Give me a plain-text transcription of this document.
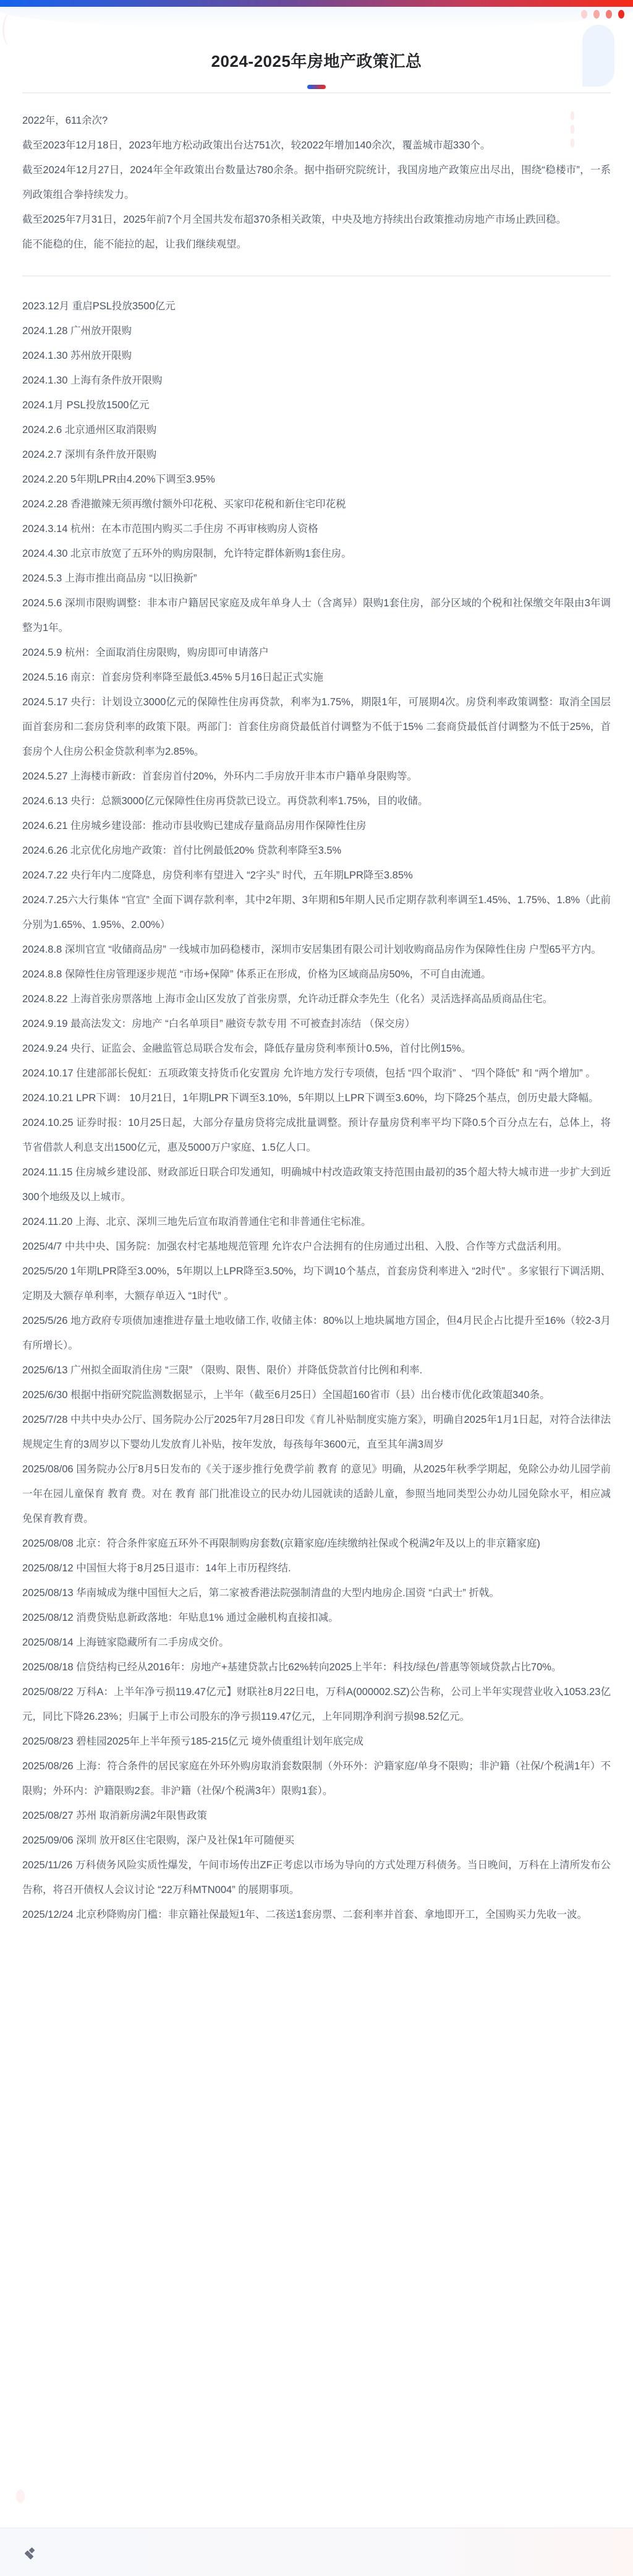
2024-2025年房地产政策汇总

2022年，611余次?

截至2023年12月18日，2023年地方松动政策出台达751次，较2022年增加140余次，覆盖城市超330个。

截至2024年12月27日，2024年全年政策出台数量达780余条。据中指研究院统计，我国房地产政策应出尽出，围绕“稳楼市”，一系列政策组合拳持续发力。

截至2025年7月31日，2025年前7个月全国共发布超370条相关政策，中央及地方持续出台政策推动房地产市场止跌回稳。

能不能稳的住，能不能拉的起，让我们继续观望。

2023.12月 重启PSL投放3500亿元

2024.1.28 广州放开限购

2024.1.30 苏州放开限购

2024.1.30 上海有条件放开限购

2024.1月 PSL投放1500亿元

2024.2.6 北京通州区取消限购

2024.2.7 深圳有条件放开限购

2024.2.20 5年期LPR由4.20%下调至3.95%

2024.2.28 香港撤辣无须再缴付额外印花税、买家印花税和新住宅印花税

2024.3.14 杭州：在本市范围内购买二手住房 不再审核购房人资格

2024.4.30 北京市放宽了五环外的购房限制，允许特定群体新购1套住房。

2024.5.3 上海市推出商品房 “以旧换新”

2024.5.6 深圳市限购调整：非本市户籍居民家庭及成年单身人士（含离异）限购1套住房，部分区域的个税和社保缴交年限由3年调整为1年。

2024.5.9 杭州：全面取消住房限购，购房即可申请落户

2024.5.16 南京：首套房贷利率降至最低3.45% 5月16日起正式实施

2024.5.17 央行：计划设立3000亿元的保障性住房再贷款，利率为1.75%，期限1年，可展期4次。房贷利率政策调整：取消全国层面首套房和二套房贷利率的政策下限。两部门：首套住房商贷最低首付调整为不低于15% 二套商贷最低首付调整为不低于25%，首套房个人住房公积金贷款利率为2.85%。

2024.5.27 上海楼市新政：首套房首付20%，外环内二手房放开非本市户籍单身限购等。

2024.6.13 央行：总额3000亿元保障性住房再贷款已设立。再贷款利率1.75%，目的收储。

2024.6.21 住房城乡建设部：推动市县收购已建成存量商品房用作保障性住房

2024.6.26 北京优化房地产政策：首付比例最低20% 贷款利率降至3.5%

2024.7.22 央行年内二度降息，房贷利率有望进入 “2字头” 时代，五年期LPR降至3.85%

2024.7.25六大行集体 “官宣” 全面下调存款利率，其中2年期、3年期和5年期人民币定期存款利率调至1.45%、1.75%、1.8%（此前分别为1.65%、1.95%、2.00%）

2024.8.8 深圳官宣 “收储商品房” 一线城市加码稳楼市，深圳市安居集团有限公司计划收购商品房作为保障性住房 户型65平方内。

2024.8.8 保障性住房管理逐步规范 “市场+保障” 体系正在形成，价格为区域商品房50%，不可自由流通。

2024.8.22 上海首张房票落地 上海市金山区发放了首张房票，允许动迁群众李先生（化名）灵活选择高品质商品住宅。

2024.9.19 最高法发文：房地产 “白名单项目” 融资专款专用 不可被查封冻结 （保交房）

2024.9.24 央行、证监会、金融监管总局联合发布会，降低存量房贷利率预计0.5%，首付比例15%。

2024.10.17 住建部部长倪虹：五项政策支持货币化安置房 允许地方发行专项债，包括 “四个取消” 、 “四个降低” 和 “两个增加” 。

2024.10.21 LPR下调： 10月21日，1年期LPR下调至3.10%，5年期以上LPR下调至3.60%，均下降25个基点，创历史最大降幅。

2024.10.25 证券时报：10月25日起，大部分存量房贷将完成批量调整。预计存量房贷利率平均下降0.5个百分点左右，总体上，将节省借款人利息支出1500亿元，惠及5000万户家庭、1.5亿人口。

2024.11.15 住房城乡建设部、财政部近日联合印发通知，明确城中村改造政策支持范围由最初的35个超大特大城市进一步扩大到近300个地级及以上城市。

2024.11.20 上海、北京、深圳三地先后宣布取消普通住宅和非普通住宅标准。

2025/4/7 中共中央、国务院：加强农村宅基地规范管理 允许农户合法拥有的住房通过出租、入股、合作等方式盘活利用。

2025/5/20 1年期LPR降至3.00%，5年期以上LPR降至3.50%，均下调10个基点，首套房贷利率进入 “2时代” 。多家银行下调活期、定期及大额存单利率，大额存单迈入 “1时代” 。

2025/5/26 地方政府专项债加速推进存量土地收储工作, 收储主体：80%以上地块属地方国企，但4月民企占比提升至16%（较2-3月有所增长）。

2025/6/13 广州拟全面取消住房 “三限” （限购、限售、限价）并降低贷款首付比例和利率.

2025/6/30 根据中指研究院监测数据显示，上半年（截至6月25日）全国超160省市（县）出台楼市优化政策超340条。

2025/7/28 中共中央办公厅、国务院办公厅2025年7月28日印发《育儿补贴制度实施方案》，明确自2025年1月1日起，对符合法律法规规定生育的3周岁以下婴幼儿发放育儿补贴，按年发放，每孩每年3600元，直至其年满3周岁

2025/08/06 国务院办公厅8月5日发布的《关于逐步推行免费学前 教育 的意见》明确，从2025年秋季学期起，免除公办幼儿园学前一年在园儿童保育 教育 费。对在 教育 部门批准设立的民办幼儿园就读的适龄儿童，参照当地同类型公办幼儿园免除水平，相应减免保育教育费。

2025/08/08 北京：符合条件家庭五环外不再限制购房套数(京籍家庭/连续缴纳社保或个税满2年及以上的非京籍家庭)

2025/08/12 中国恒大将于8月25日退市：14年上市历程终结.

2025/08/13 华南城成为继中国恒大之后，第二家被香港法院强制清盘的大型内地房企.国资 “白武士” 折戟。

2025/08/12 消费贷贴息新政落地：年贴息1% 通过金融机构直接扣减。

2025/08/14 上海链家隐藏所有二手房成交价。

2025/08/18 信贷结构已经从2016年：房地产+基建贷款占比62%转向2025上半年：科技/绿色/普惠等领域贷款占比70%。

2025/08/22 万科A：上半年净亏损119.47亿元】财联社8月22日电，万科A(000002.SZ)公告称，公司上半年实现营业收入1053.23亿元，同比下降26.23%；归属于上市公司股东的净亏损119.47亿元，上年同期净利润亏损98.52亿元。

2025/08/23 碧桂园2025年上半年预亏185-215亿元 境外债重组计划年底完成

2025/08/26 上海：符合条件的居民家庭在外环外购房取消套数限制（外环外：沪籍家庭/单身不限购；非沪籍（社保/个税满1年）不限购；外环内：沪籍限购2套。非沪籍（社保/个税满3年）限购1套）。

2025/08/27 苏州 取消新房满2年限售政策

2025/09/06 深圳 放开8区住宅限购，深户及社保1年可随便买

2025/11/26 万科债务风险实质性爆发，午间市场传出ZF正考虑以市场为导向的方式处理万科债务。当日晚间，万科在上清所发布公告称，将召开债权人会议讨论 “22万科MTN004” 的展期事项。

2025/12/24 北京秒降购房门槛：非京籍社保最短1年、二孩送1套房票、二套利率并首套、拿地即开工，全国购买力先收一波。
